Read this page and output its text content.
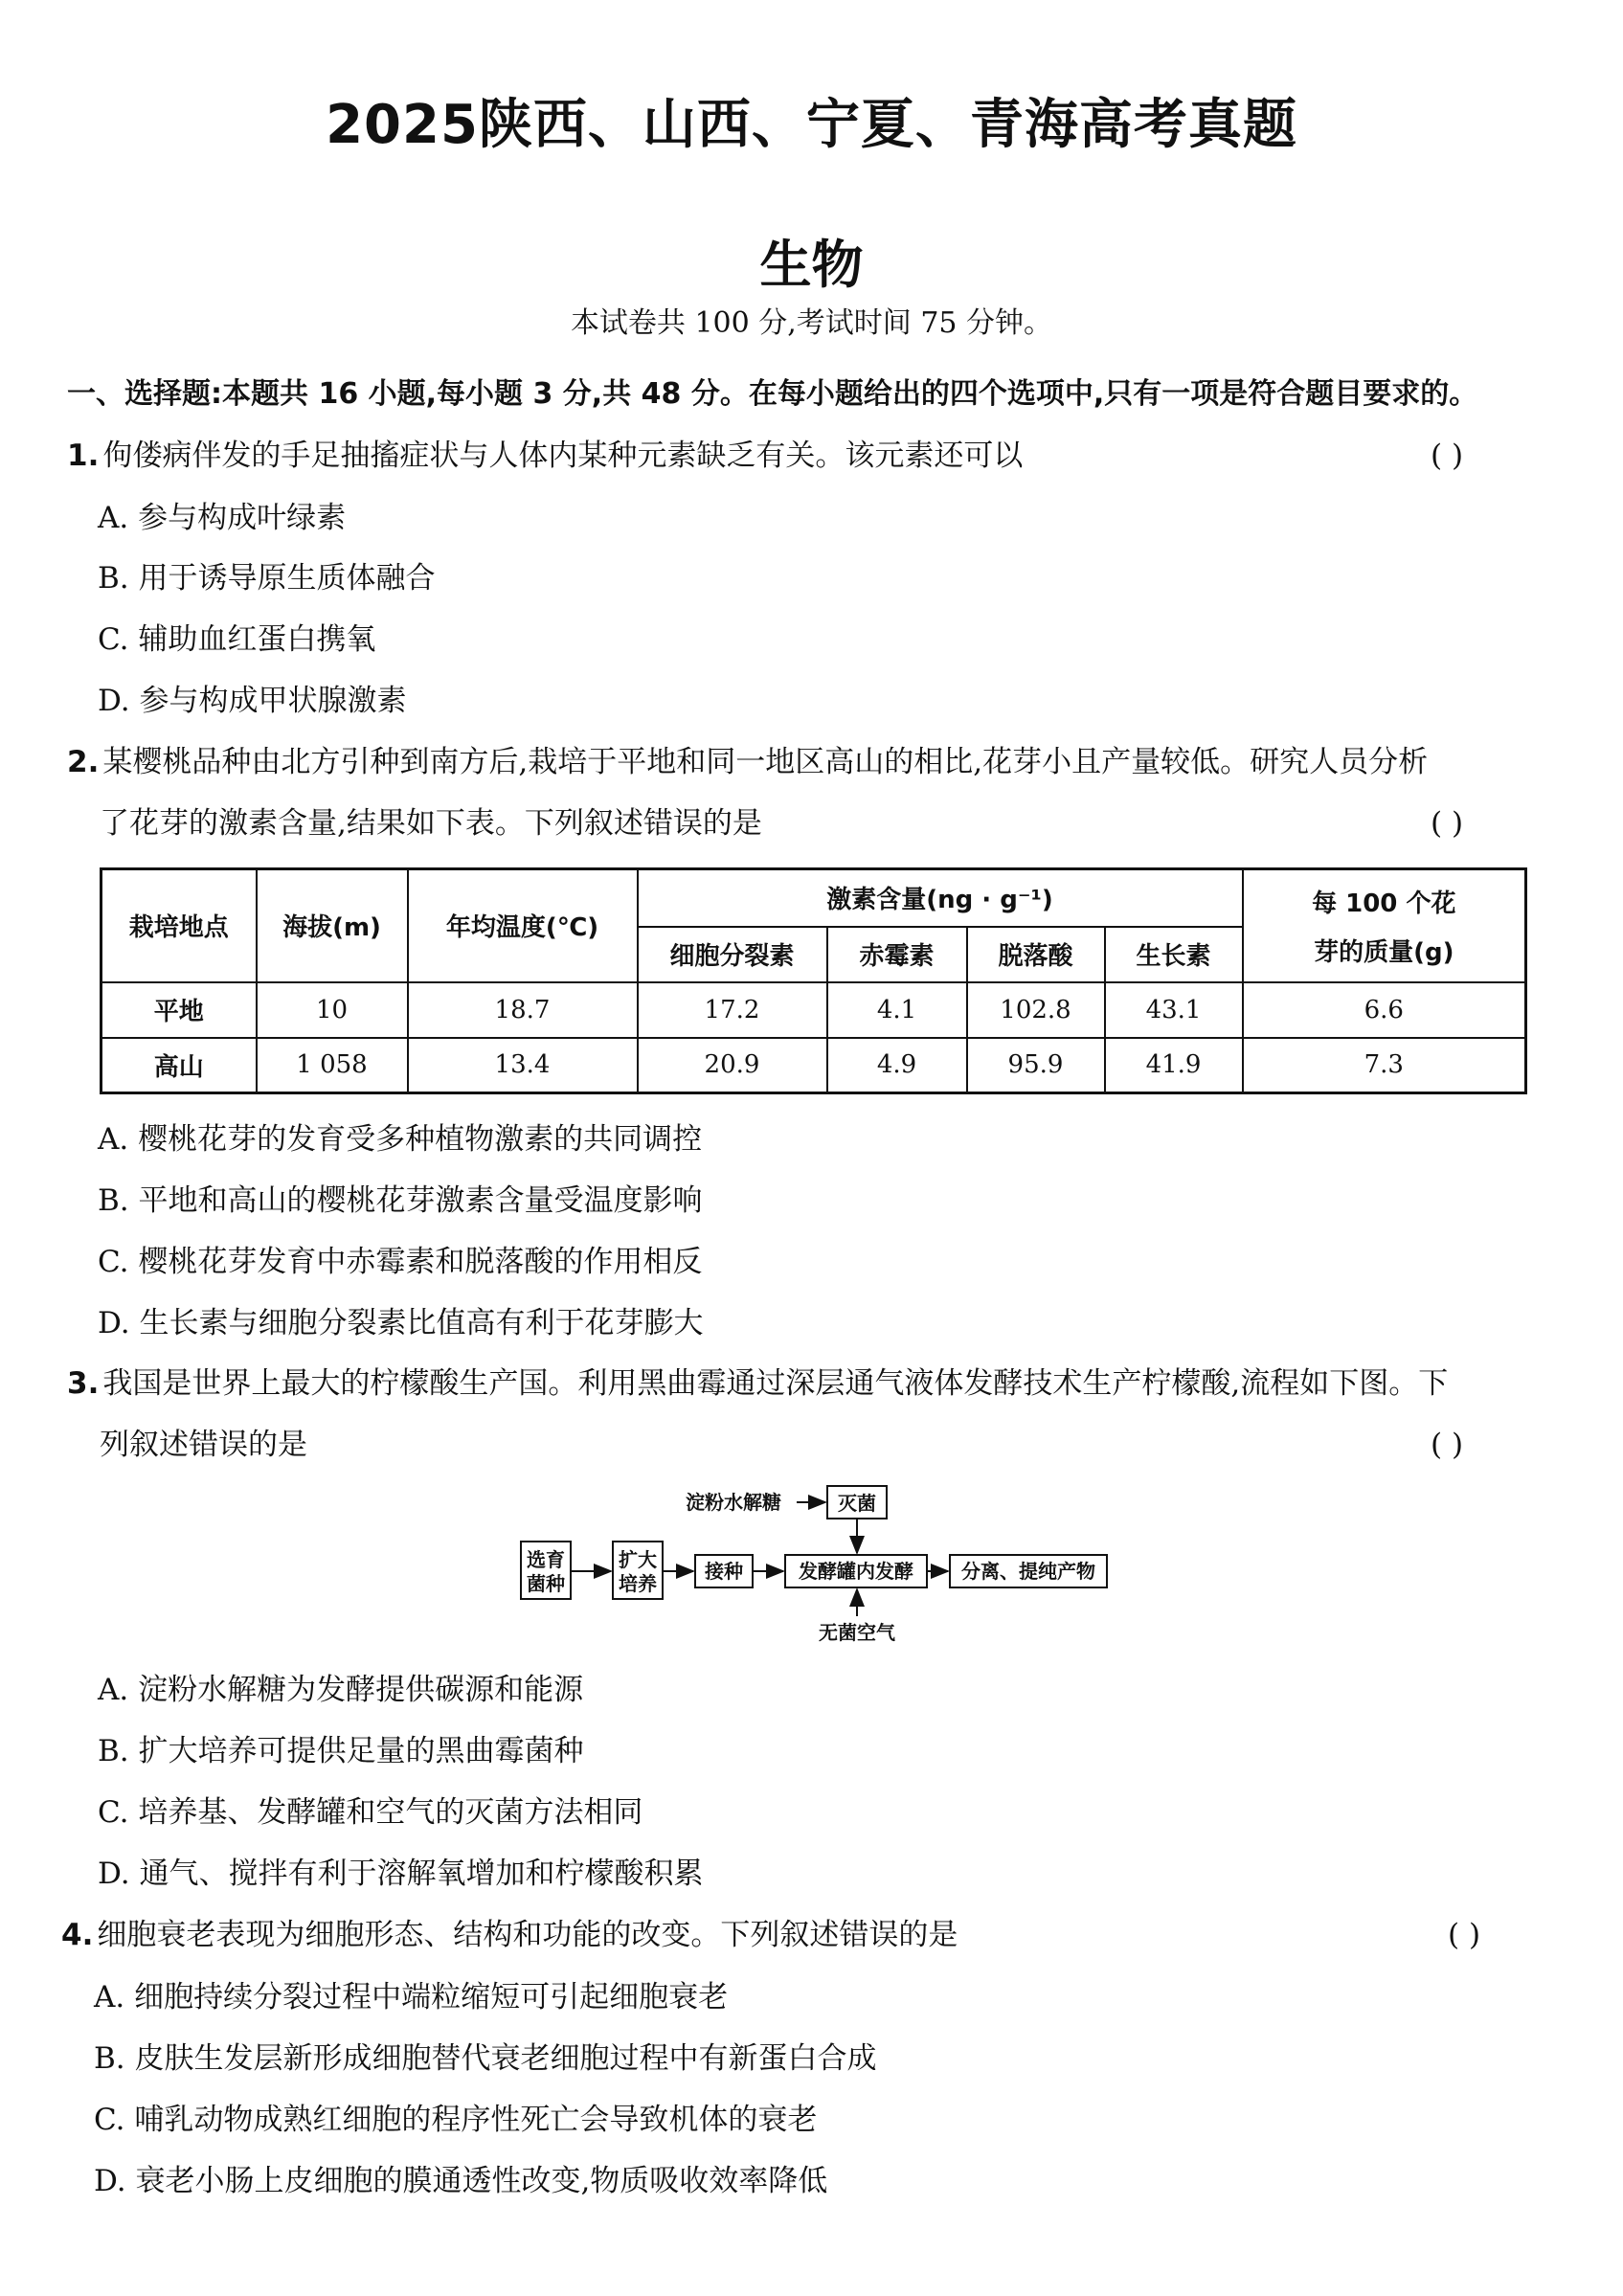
2025陕西、山西、宁夏、青海高考真题
生物
本试卷共 100 分,考试时间 75 分钟。
一、选择题:本题共 16 小题,每小题 3 分,共 48 分。在每小题给出的四个选项中,只有一项是符合题目要求的。
1. 佝偻病伴发的手足抽搐症状与人体内某种元素缺乏有关。该元素还可以	( )
A. 参与构成叶绿素
B. 用于诱导原生质体融合
C. 辅助血红蛋白携氧
D. 参与构成甲状腺激素
2. 某樱桃品种由北方引种到南方后,栽培于平地和同一地区高山的相比,花芽小且产量较低。研究人员分析
了花芽的激素含量,结果如下表。下列叙述错误的是	( )
栽培地点	海拔(m)	年均温度(℃)	激素含量(ng · g⁻¹)				每 100 个花
芽的质量(g)

			细胞分裂素	赤霉素	脱落酸	生长素	
平地	10	18.7	17.2	4.1	102.8	43.1	6.6
高山	1 058	13.4	20.9	4.9	95.9	41.9	7.3
A. 樱桃花芽的发育受多种植物激素的共同调控
B. 平地和高山的樱桃花芽激素含量受温度影响
C. 樱桃花芽发育中赤霉素和脱落酸的作用相反
D. 生长素与细胞分裂素比值高有利于花芽膨大
3. 我国是世界上最大的柠檬酸生产国。利用黑曲霉通过深层通气液体发酵技术生产柠檬酸,流程如下图。下
列叙述错误的是	( )
淀粉水解糖	灭菌
选育
菌种
扩大
培养
接种	发酵罐内发酵	分离、提纯产物
无菌空气
A. 淀粉水解糖为发酵提供碳源和能源
B. 扩大培养可提供足量的黑曲霉菌种
C. 培养基、发酵罐和空气的灭菌方法相同
D. 通气、搅拌有利于溶解氧增加和柠檬酸积累
4. 细胞衰老表现为细胞形态、结构和功能的改变。下列叙述错误的是	( )
A. 细胞持续分裂过程中端粒缩短可引起细胞衰老
B. 皮肤生发层新形成细胞替代衰老细胞过程中有新蛋白合成
C. 哺乳动物成熟红细胞的程序性死亡会导致机体的衰老
D. 衰老小肠上皮细胞的膜通透性改变,物质吸收效率降低
